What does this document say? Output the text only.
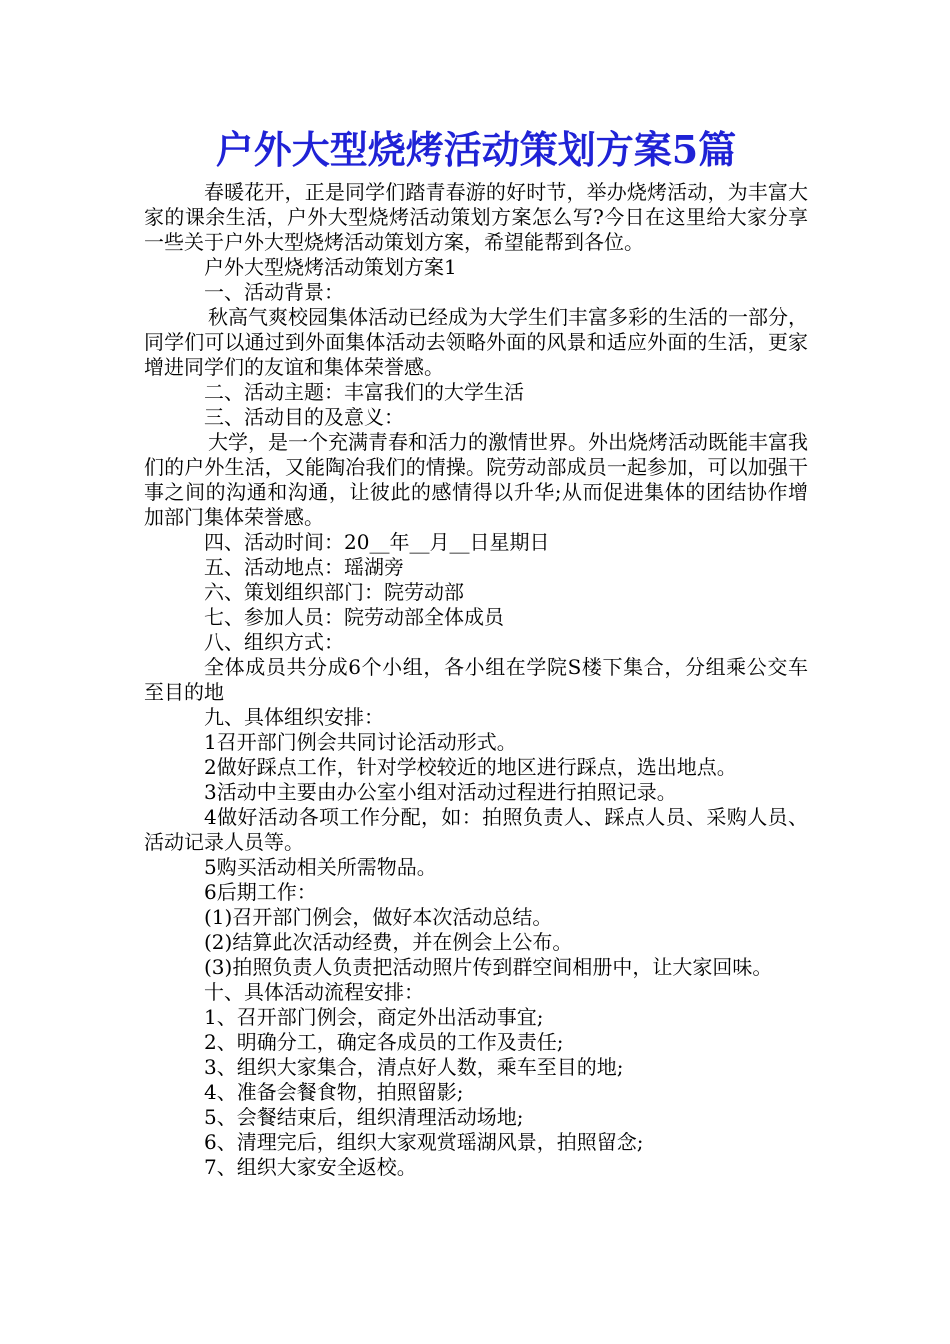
户外大型烧烤活动策划方案5篇

春暖花开，正是同学们踏青春游的好时节，举办烧烤活动，为丰富大家的课余生活，户外大型烧烤活动策划方案怎么写?今日在这里给大家分享一些关于户外大型烧烤活动策划方案，希望能帮到各位。

户外大型烧烤活动策划方案1

一、活动背景：

秋高气爽校园集体活动已经成为大学生们丰富多彩的生活的一部分，同学们可以通过到外面集体活动去领略外面的风景和适应外面的生活，更家增进同学们的友谊和集体荣誉感。

二、活动主题：丰富我们的大学生活

三、活动目的及意义：

大学，是一个充满青春和活力的激情世界。外出烧烤活动既能丰富我们的户外生活，又能陶冶我们的情操。院劳动部成员一起参加，可以加强干事之间的沟通和沟通，让彼此的感情得以升华;从而促进集体的团结协作增加部门集体荣誉感。

四、活动时间：20__年__月__日星期日

五、活动地点：瑶湖旁

六、策划组织部门：院劳动部

七、参加人员：院劳动部全体成员

八、组织方式：

全体成员共分成6个小组，各小组在学院S楼下集合，分组乘公交车至目的地

九、具体组织安排：

1召开部门例会共同讨论活动形式。

2做好踩点工作，针对学校较近的地区进行踩点，选出地点。

3活动中主要由办公室小组对活动过程进行拍照记录。

4做好活动各项工作分配，如：拍照负责人、踩点人员、采购人员、活动记录人员等。

5购买活动相关所需物品。

6后期工作：

(1)召开部门例会，做好本次活动总结。

(2)结算此次活动经费，并在例会上公布。

(3)拍照负责人负责把活动照片传到群空间相册中，让大家回味。

十、具体活动流程安排：

1、召开部门例会，商定外出活动事宜;

2、明确分工，确定各成员的工作及责任;

3、组织大家集合，清点好人数，乘车至目的地;

4、准备会餐食物，拍照留影;

5、会餐结束后，组织清理活动场地;

6、清理完后，组织大家观赏瑶湖风景，拍照留念;

7、组织大家安全返校。
